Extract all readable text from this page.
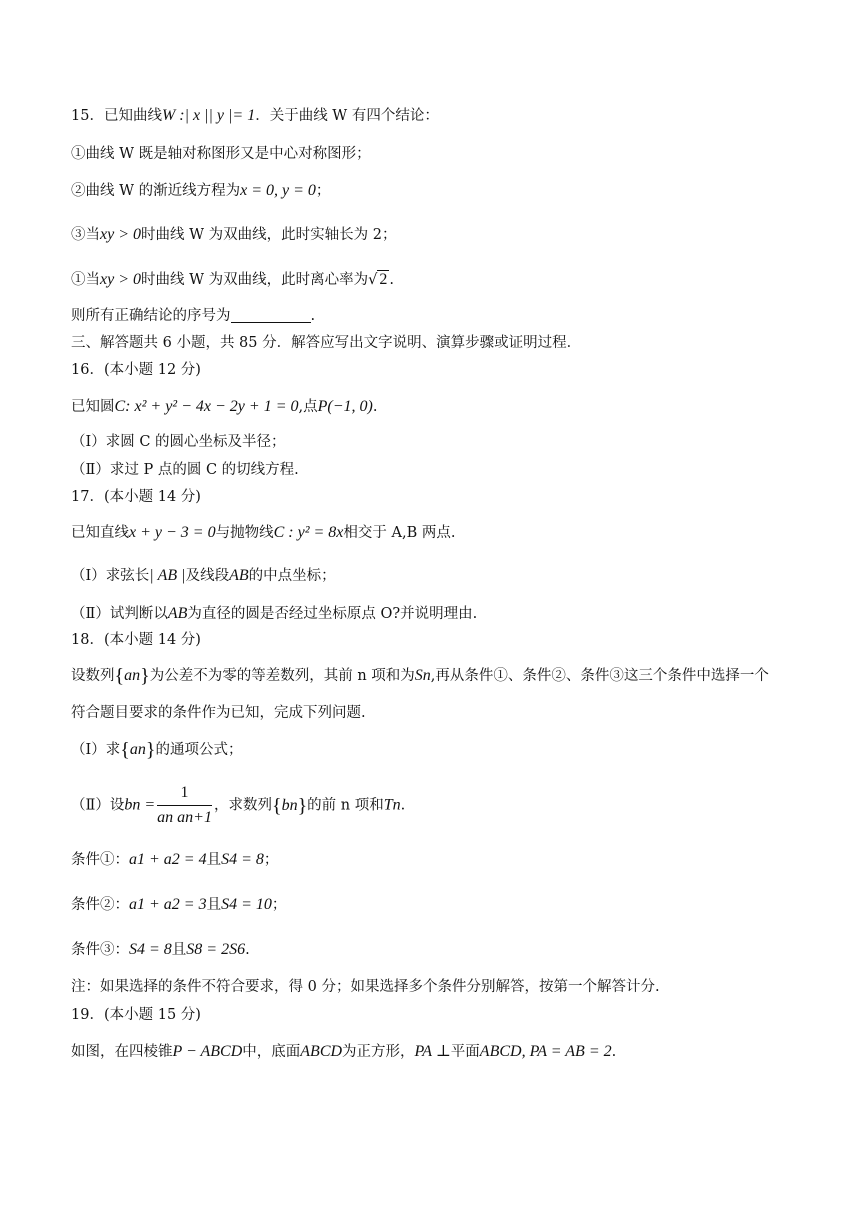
15．已知曲线W :| x || y |= 1．关于曲线 W 有四个结论：
①曲线 W 既是轴对称图形又是中心对称图形；
②曲线 W 的渐近线方程为x = 0, y = 0；
③当xy > 0时曲线 W 为双曲线，此时实轴长为 2；
①当xy > 0时曲线 W 为双曲线，此时离心率为√ 2 .
则所有正确结论的序号为	.
三、解答题共 6 小题，共 85 分．解答应写出文字说明、演算步骤或证明过程．
16．(本小题 12 分)
已知圆C: x² + y² − 4x − 2y + 1 = 0,点P(−1, 0).
（Ⅰ）求圆 C 的圆心坐标及半径；
（Ⅱ）求过 P 点的圆 C 的切线方程.
17．(本小题 14 分)
已知直线x + y − 3 = 0与抛物线C : y² = 8x相交于 A,B 两点.
（Ⅰ）求弦长| AB |及线段AB的中点坐标；
（Ⅱ）试判断以AB为直径的圆是否经过坐标原点 O?并说明理由.
18．(本小题 14 分)
设数列{an}为公差不为零的等差数列，其前 n 项和为Sn,再从条件①、条件②、条件③这三个条件中选择一个
符合题目要求的条件作为已知，完成下列问题.
（Ⅰ）求{an}的通项公式；
（Ⅱ）设bn = $\frac{1}{\text{an an+1}}$ ，求数列{bn}的前 n 项和Tn.
条件①：a1 + a2 = 4且S4 = 8；
条件②：a1 + a2 = 3且S4 = 10；
条件③：S4 = 8且S8 = 2S6.
注：如果选择的条件不符合要求，得 0 分；如果选择多个条件分别解答，按第一个解答计分.
19．(本小题 15 分)
如图，在四棱锥P − ABCD中，底面ABCD为正方形，PA ⊥平面ABCD, PA = AB = 2.
